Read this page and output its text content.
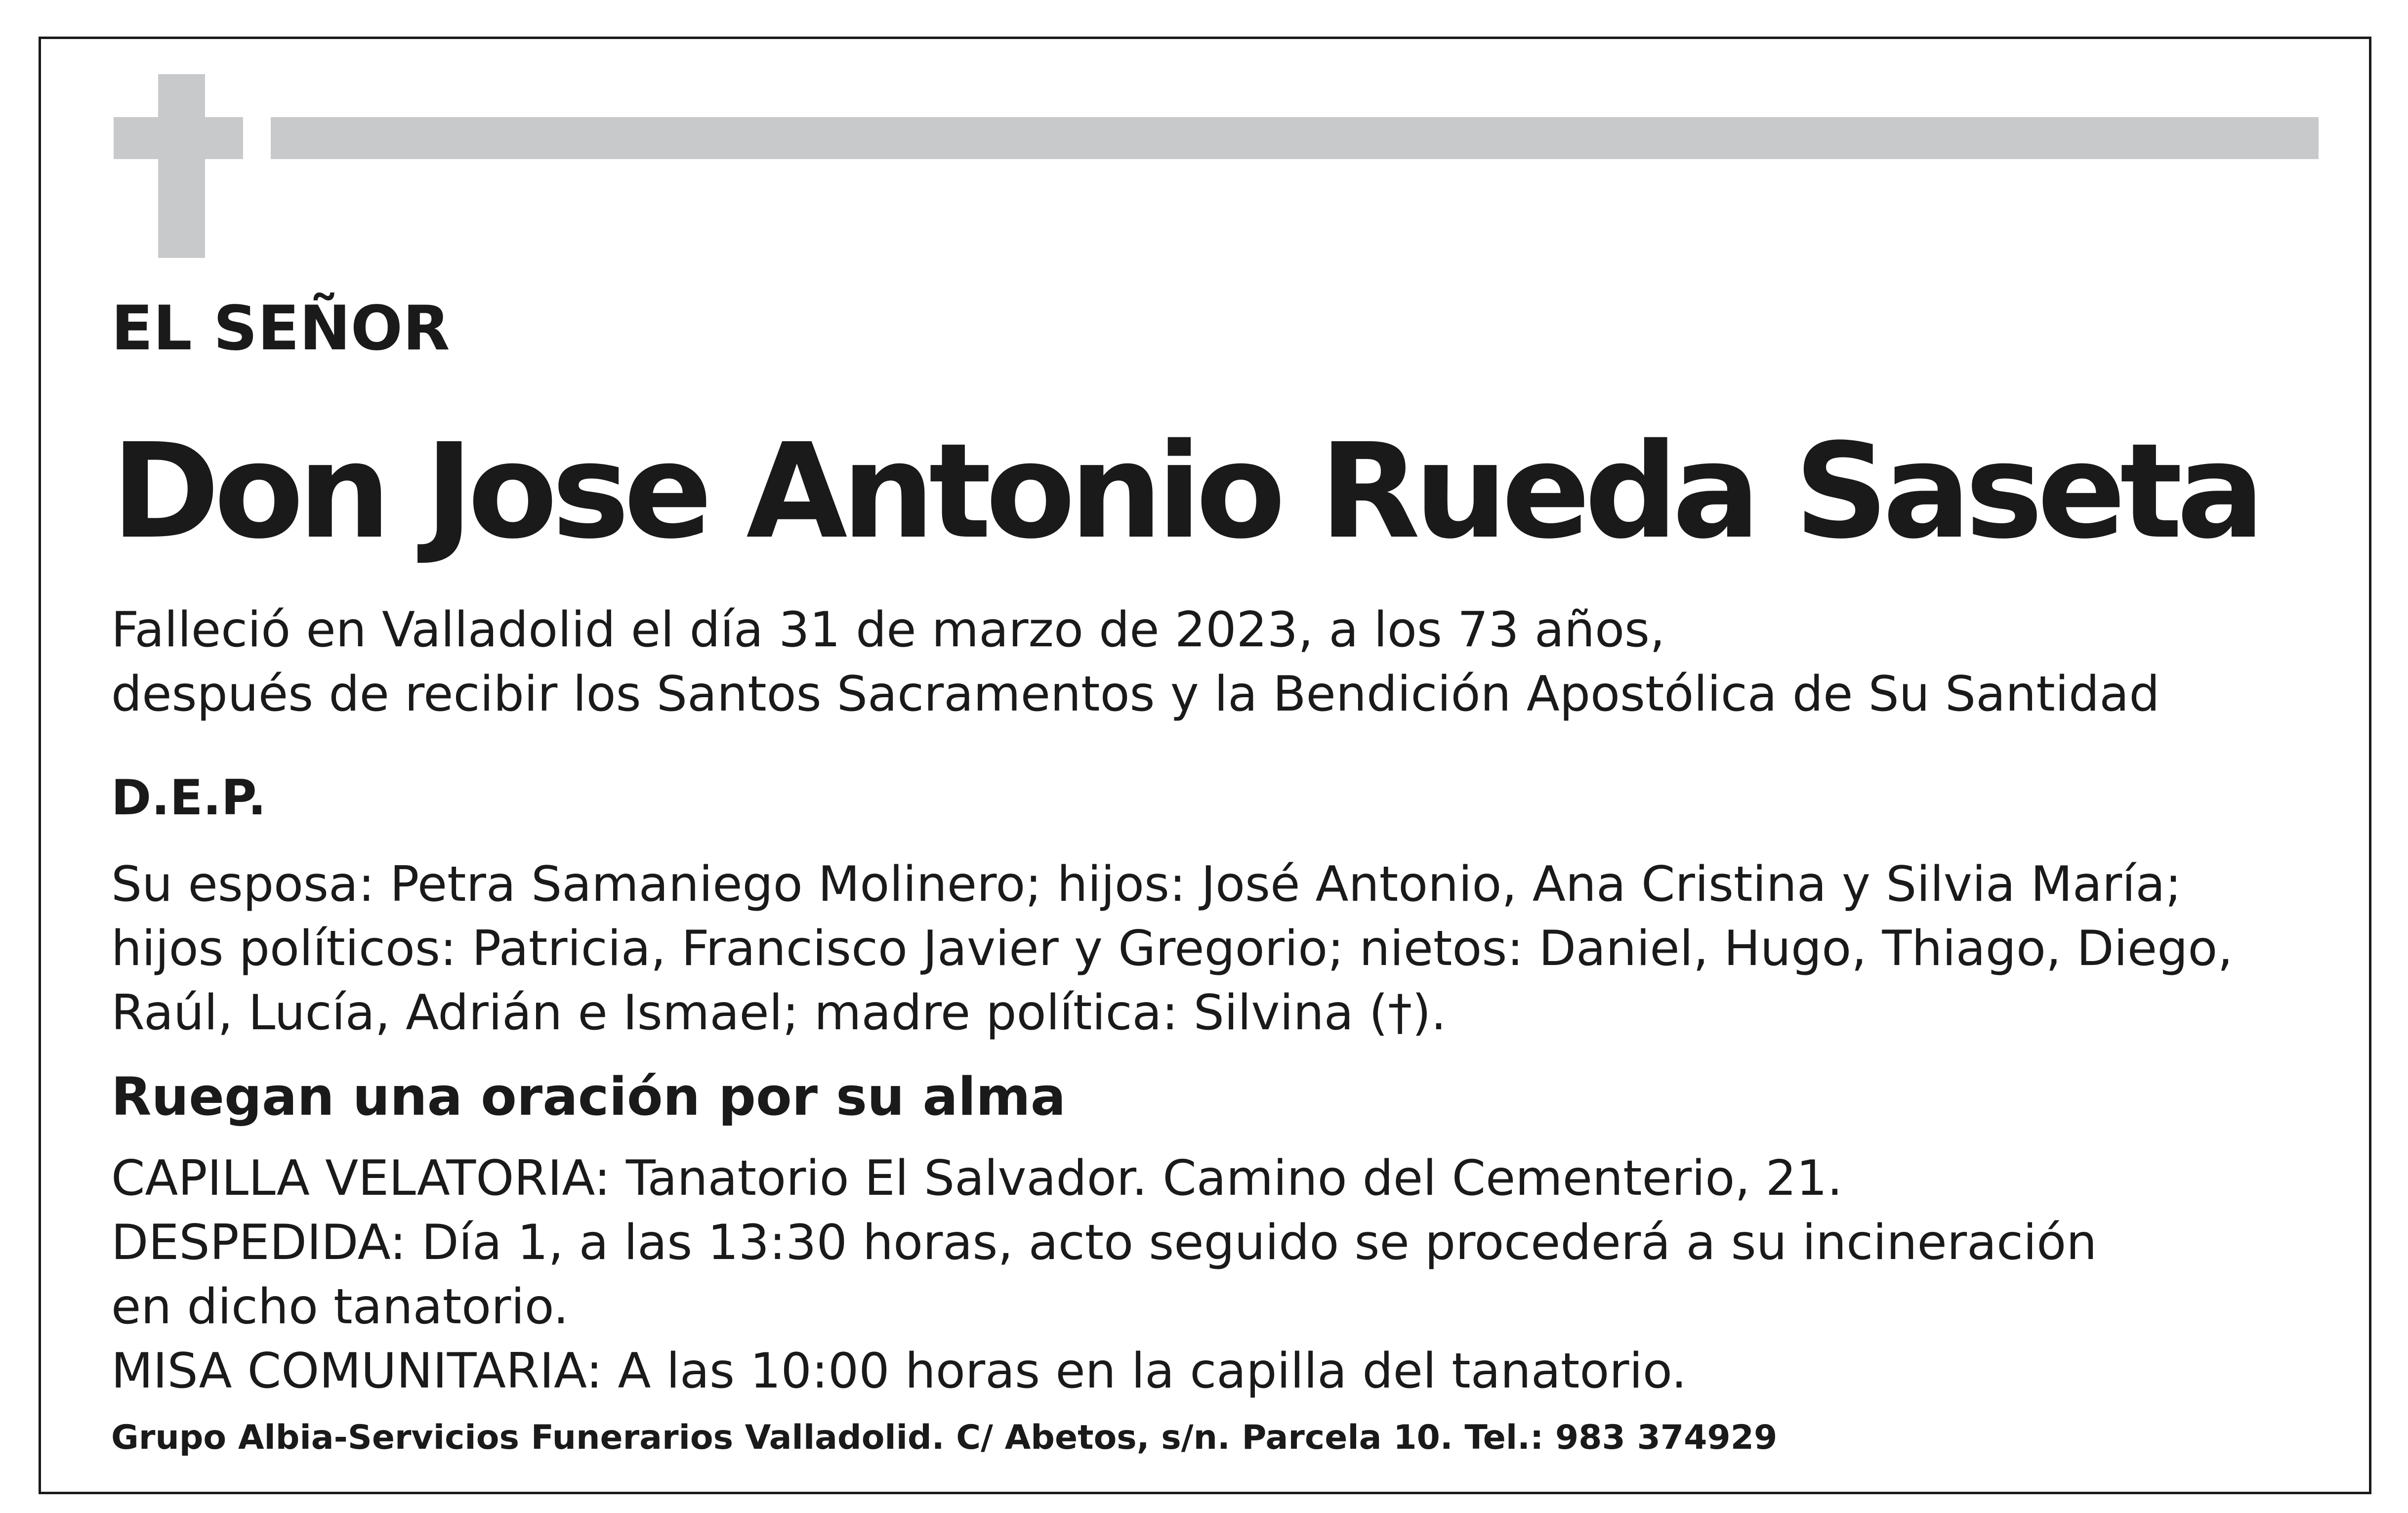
EL SEÑOR

Don Jose Antonio Rueda Saseta

Falleció en Valladolid el día 31 de marzo de 2023, a los 73 años,
después de recibir los Santos Sacramentos y la Bendición Apostólica de Su Santidad

D.E.P.

Su esposa: Petra Samaniego Molinero; hijos: José Antonio, Ana Cristina y Silvia María;
hijos políticos: Patricia, Francisco Javier y Gregorio; nietos: Daniel, Hugo, Thiago, Diego,
Raúl, Lucía, Adrián e Ismael; madre política: Silvina (†).

Ruegan una oración por su alma

CAPILLA VELATORIA: Tanatorio El Salvador. Camino del Cementerio, 21.
DESPEDIDA: Día 1, a las 13:30 horas, acto seguido se procederá a su incineración
en dicho tanatorio.
MISA COMUNITARIA: A las 10:00 horas en la capilla del tanatorio.

Grupo Albia-Servicios Funerarios Valladolid. C/ Abetos, s/n. Parcela 10. Tel.: 983 374929
